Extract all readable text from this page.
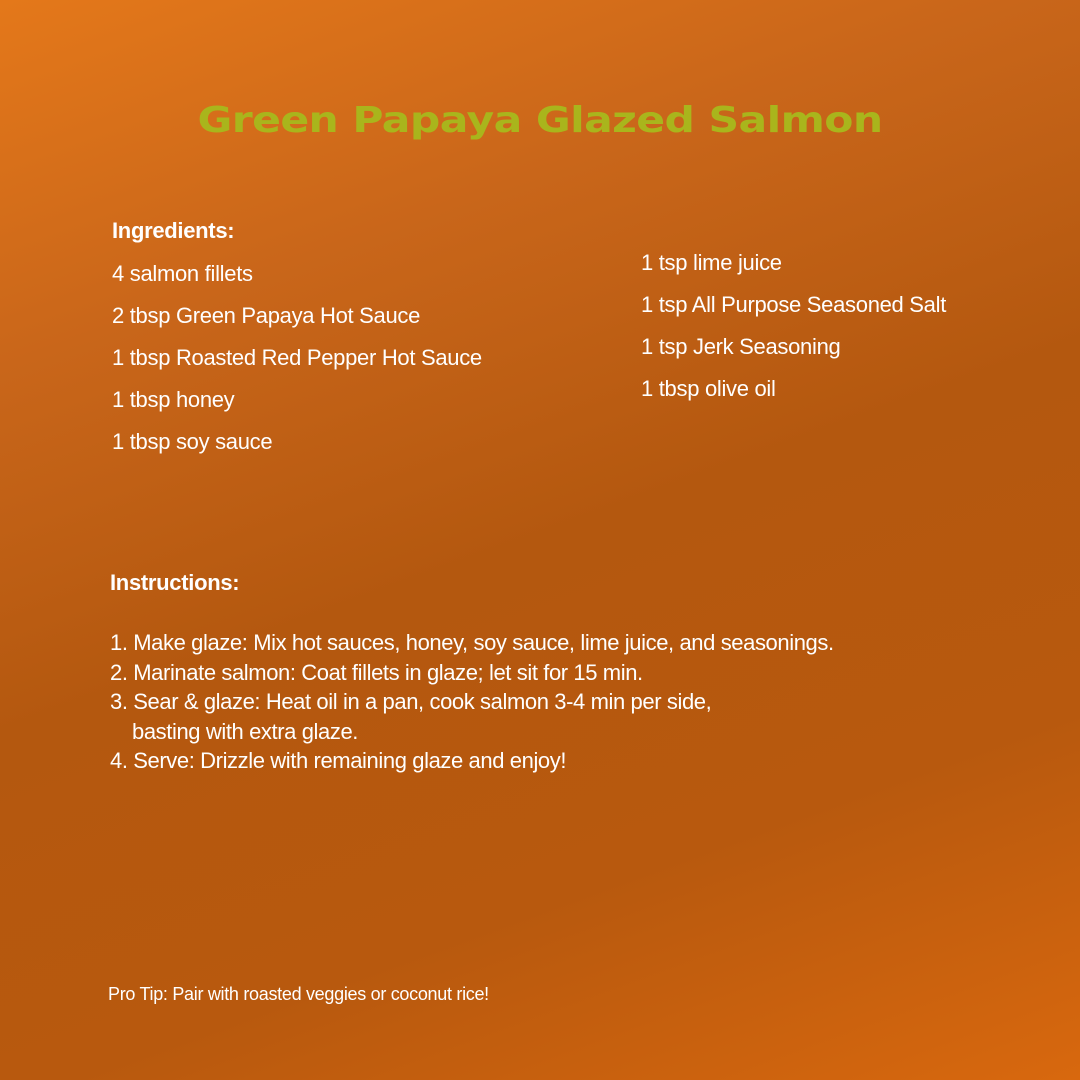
Green Papaya Glazed Salmon
Ingredients:
4 salmon fillets
2 tbsp Green Papaya Hot Sauce
1 tbsp Roasted Red Pepper Hot Sauce
1 tbsp honey
1 tbsp soy sauce
1 tsp lime juice
1 tsp All Purpose Seasoned Salt
1 tsp Jerk Seasoning
1 tbsp olive oil
Instructions:
1. Make glaze: Mix hot sauces, honey, soy sauce, lime juice, and seasonings.
2. Marinate salmon: Coat fillets in glaze; let sit for 15 min.
3. Sear & glaze: Heat oil in a pan, cook salmon 3-4 min per side,
basting with extra glaze.
4. Serve: Drizzle with remaining glaze and enjoy!
Pro Tip: Pair with roasted veggies or coconut rice!
